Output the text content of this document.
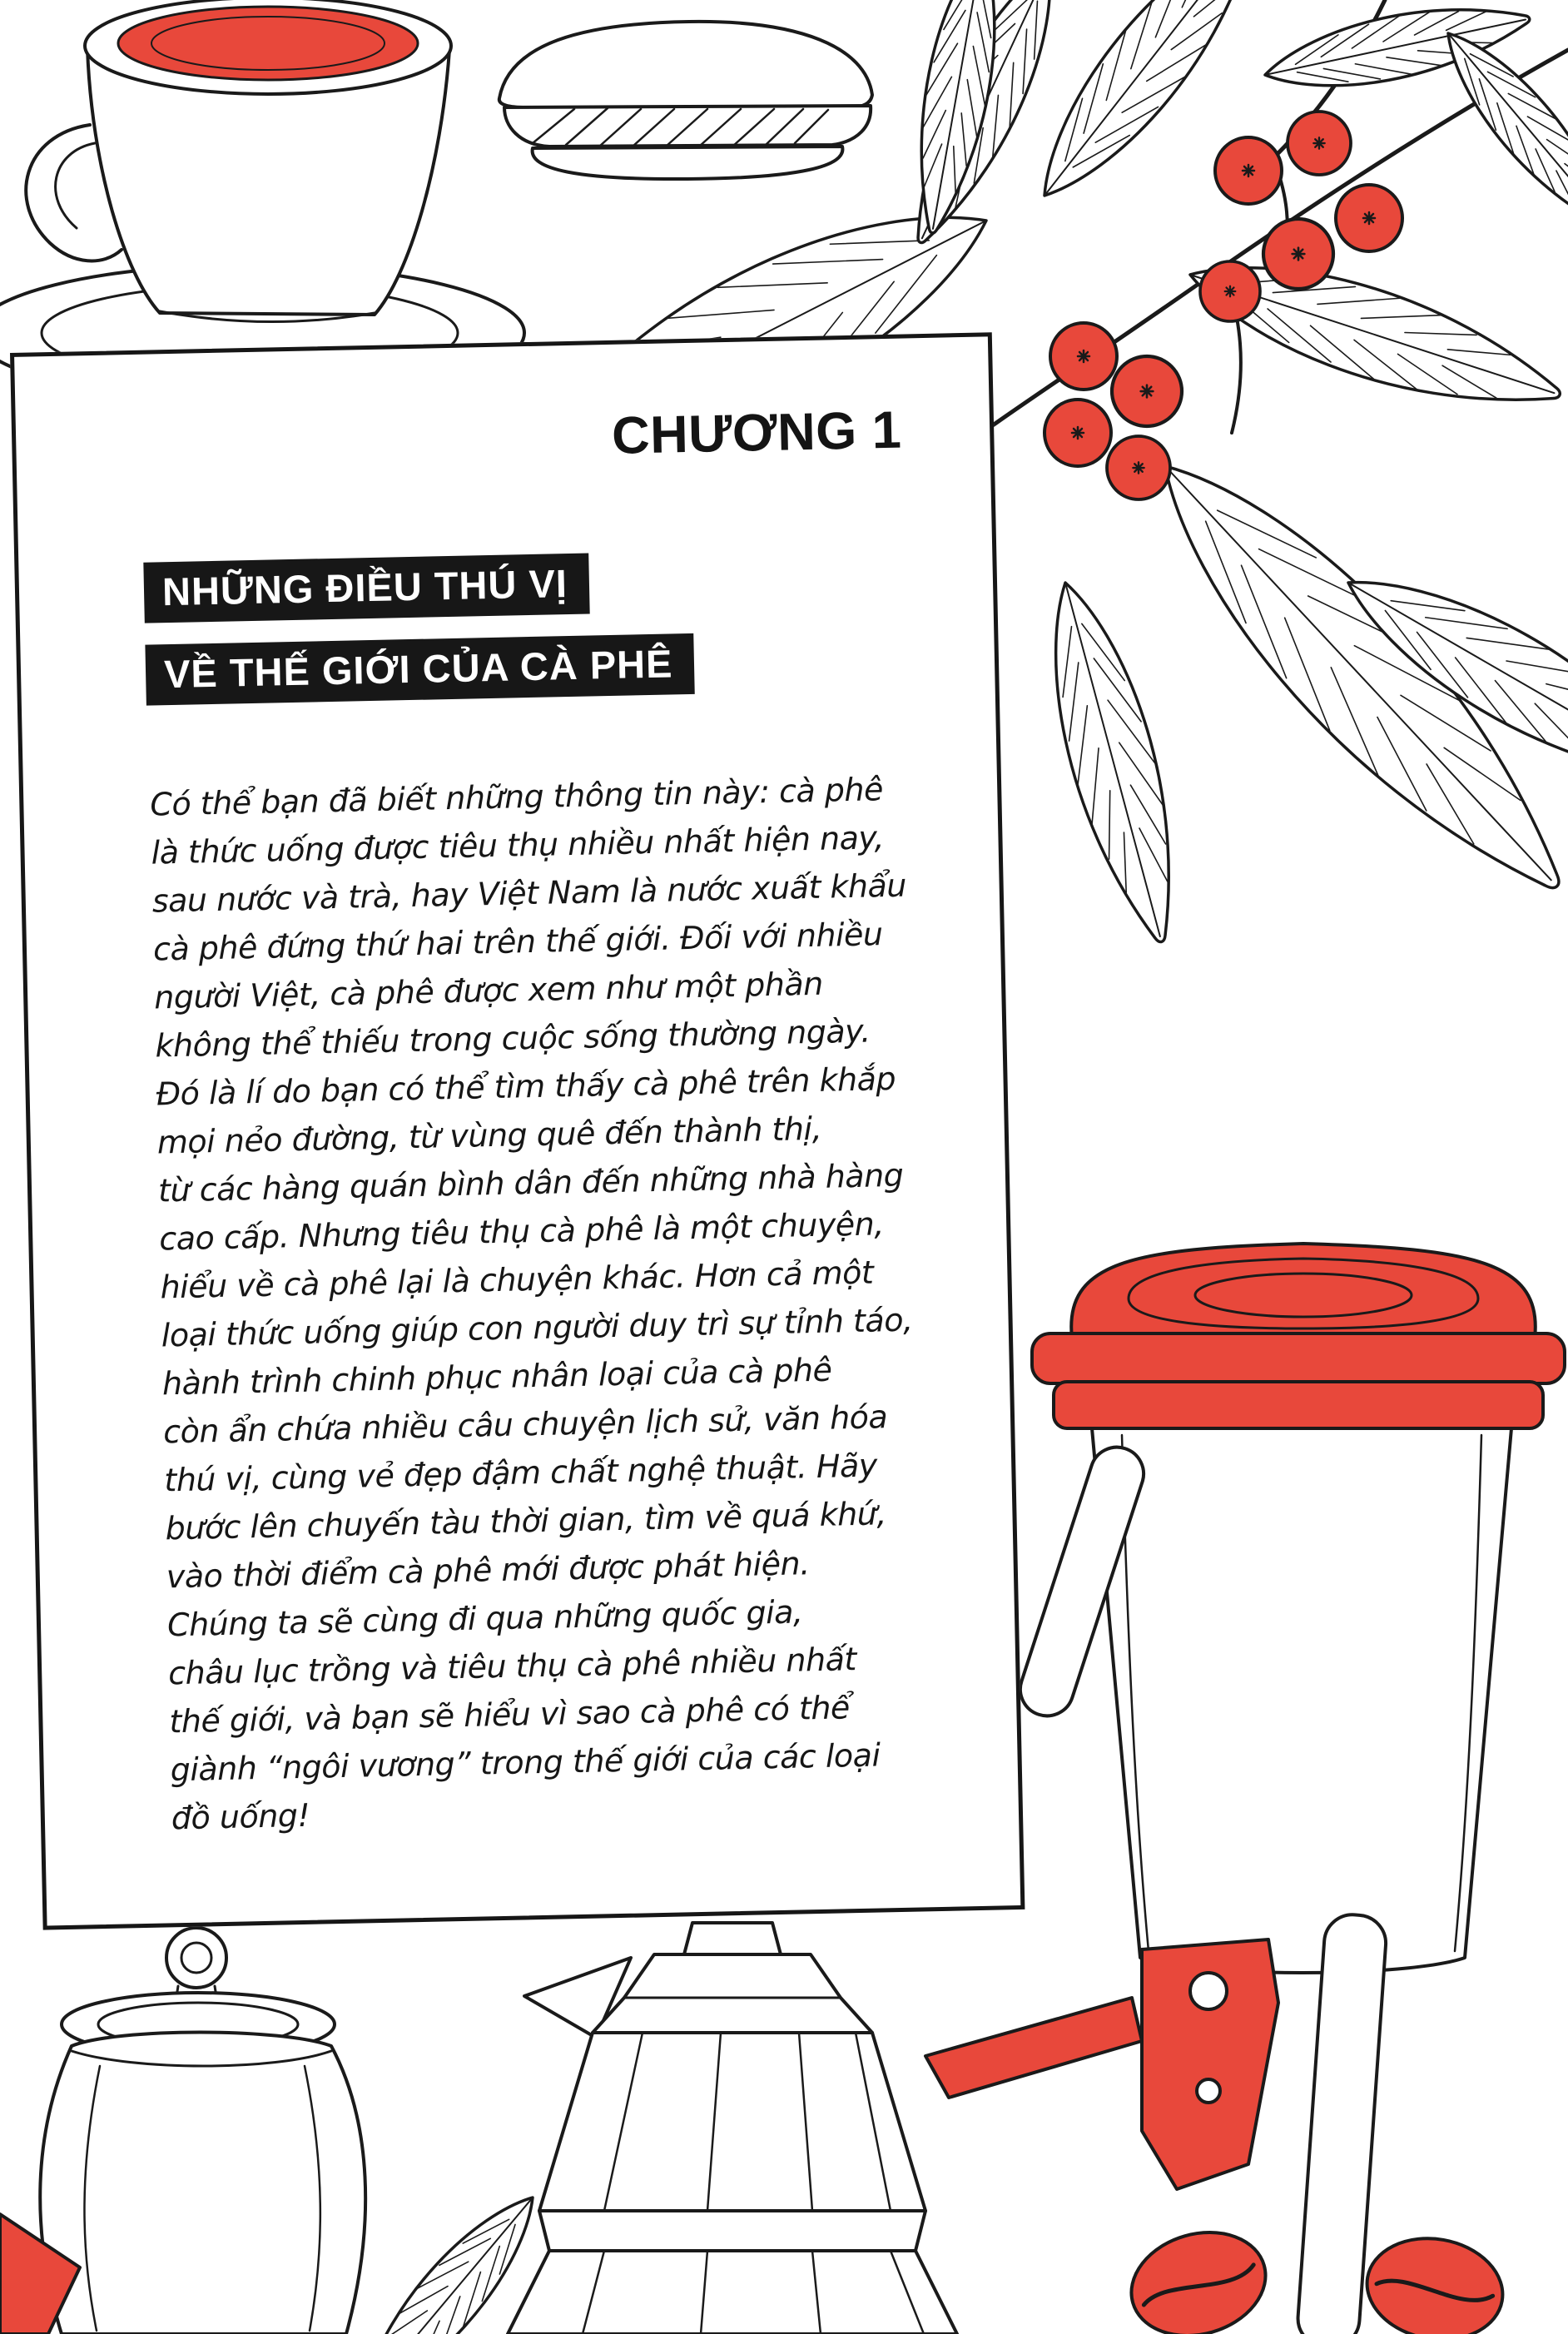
CHƯƠNG 1
NHỮNG ĐIỀU THÚ VỊ
VỀ THẾ GIỚI CỦA CÀ PHÊ
Có thể bạn đã biết những thông tin này: cà phê
là thức uống được tiêu thụ nhiều nhất hiện nay,
sau nước và trà, hay Việt Nam là nước xuất khẩu
cà phê đứng thứ hai trên thế giới. Đối với nhiều
người Việt, cà phê được xem như một phần
không thể thiếu trong cuộc sống thường ngày.
Đó là lí do bạn có thể tìm thấy cà phê trên khắp
mọi nẻo đường, từ vùng quê đến thành thị,
từ các hàng quán bình dân đến những nhà hàng
cao cấp. Nhưng tiêu thụ cà phê là một chuyện,
hiểu về cà phê lại là chuyện khác. Hơn cả một
loại thức uống giúp con người duy trì sự tỉnh táo,
hành trình chinh phục nhân loại của cà phê
còn ẩn chứa nhiều câu chuyện lịch sử, văn hóa
thú vị, cùng vẻ đẹp đậm chất nghệ thuật. Hãy
bước lên chuyến tàu thời gian, tìm về quá khứ,
vào thời điểm cà phê mới được phát hiện.
Chúng ta sẽ cùng đi qua những quốc gia,
châu lục trồng và tiêu thụ cà phê nhiều nhất
thế giới, và bạn sẽ hiểu vì sao cà phê có thể
giành “ngôi vương” trong thế giới của các loại
đồ uống!
